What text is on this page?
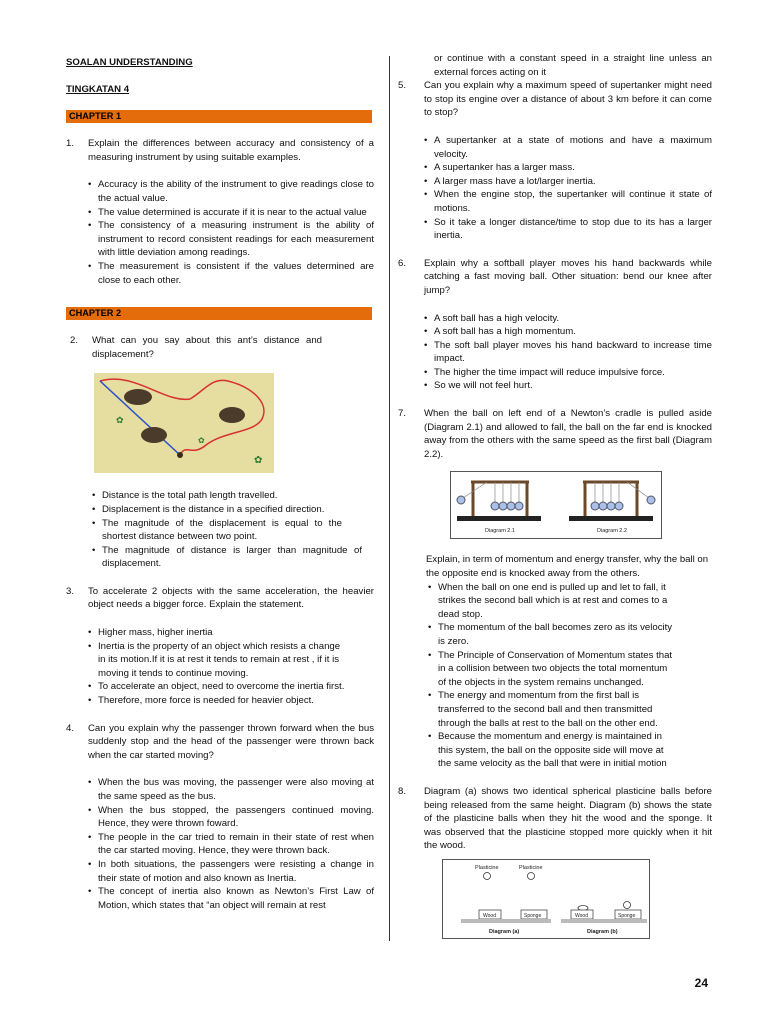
SOALAN UNDERSTANDING
TINGKATAN 4
CHAPTER 1
1.	Explain the differences between accuracy and consistency of a measuring instrument by using suitable examples.
• Accuracy is the ability of the instrument to give readings close to the actual value.
• The value determined is accurate if it is near to the actual value
• The consistency of a measuring instrument is the ability of instrument to record consistent readings for each measurement with little deviation among readings.
• The measurement is consistent if the values determined are close to each other.
CHAPTER 2
2.	What can you say about this ant’s distance and displacement?
✿
✿
✿
• Distance is the total path length travelled.
• Displacement is the distance in a specified direction.
• The magnitude of the displacement is equal to the shortest distance between two point.
• The magnitude of distance is larger than magnitude of displacement.
3.	To accelerate 2 objects with the same acceleration, the heavier object needs a bigger force. Explain the statement.
• Higher mass, higher inertia
• Inertia is the property of an object which resists a change in its motion.If it is at rest it tends to remain at rest , if it is moving it tends to continue moving.
• To accelerate an object, need to overcome the inertia first.
• Therefore, more force is needed for heavier object.
4.	Can you explain why the passenger thrown forward when the bus suddenly stop and the head of the passenger were thrown back when the car started moving?
• When the bus was moving, the passenger were also moving at the same speed as the bus.
• When the bus stopped, the passengers continued moving. Hence, they were thrown foward.
• The people in the car tried to remain in their state of rest when the car started moving. Hence, they were thrown back.
• In both situations, the passengers were resisting a change in their state of motion and also known as Inertia.
• The concept of inertia also known as Newton’s First Law of Motion, which states that “an object will remain at rest
or continue with a constant speed in a straight line unless an external forces acting on it
5.	Can you explain why a maximum speed of supertanker might need to stop its engine over a distance of about 3 km before it can come to stop?
• A supertanker at a state of motions and have a maximum velocity.
• A supertanker has a larger mass.
• A larger mass have a lot/larger inertia.
• When the engine stop, the supertanker will continue it state of motions.
• So it take a longer distance/time to stop due to its has a larger inertia.
6.	Explain why a softball player moves his hand backwards while catching a fast moving ball. Other situation: bend our knee after jump?
• A soft ball has a high velocity.
• A soft ball has a high momentum.
• The soft ball player moves his hand backward to increase time impact.
• The higher the time impact will reduce impulsive force.
• So we will not feel hurt.
7.	When the ball on left end of a Newton’s cradle is pulled aside (Diagram 2.1) and allowed to fall, the ball on the far end is knocked away from the others with the same speed as the first ball (Diagram 2.2).
Diagram 2.1	Diagram 2.2
Explain, in term of momentum and energy transfer, why the ball on the opposite end is knocked away from the others.
• When the ball on one end is pulled up and let to fall, it strikes the second ball which is at rest and comes to a dead stop.
• The momentum of the ball becomes zero as its velocity is zero.
• The Principle of Conservation of Momentum states that in a collision between two objects the total momentum of the objects in the system remains unchanged.
• The energy and momentum from the first ball is transferred to the second ball and then transmitted through the balls at rest to the ball on the other end.
• Because the momentum and energy is maintained in this system, the ball on the opposite side will move at the same velocity as the ball that were in initial motion
8.	Diagram (a) shows two identical spherical plasticine balls before being released from the same height. Diagram (b) shows the state of the plasticine balls when they hit the wood and the sponge. It was observed that the plasticine stopped more quickly when it hit the wood.
Plasticine	Plasticine
Wood	Sponge
Diagram (a)
Wood	Sponge
Diagram (b)
24
